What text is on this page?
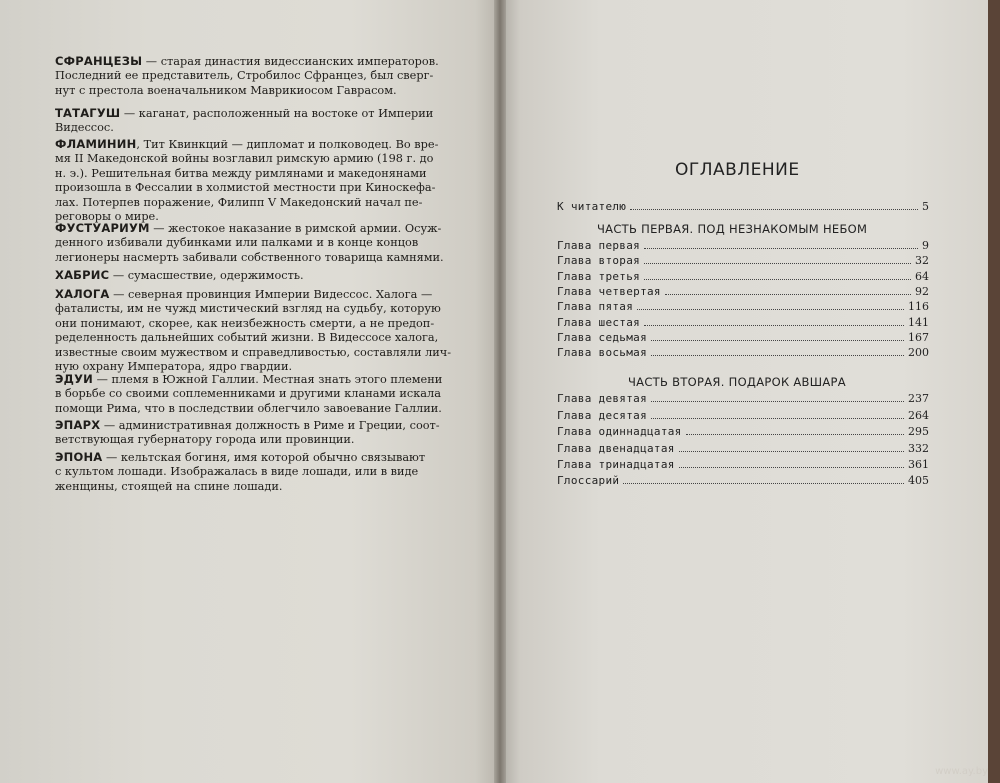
СФРАНЦЕЗЫ — старая династия видессианских императоров.
Последний ее представитель, Стробилос Сфранцез, был сверг-
нут с престола военачальником Маврикиосом Гаврасом.
ТАТАГУШ — каганат, расположенный на востоке от Империи
Видессос.
ФЛАМИНИН, Тит Квинкций — дипломат и полководец. Во вре-
мя II Македонской войны возглавил римскую армию (198 г. до
н. э.). Решительная битва между римлянами и македонянами
произошла в Фессалии в холмистой местности при Киноскефа-
лах. Потерпев поражение, Филипп V Македонский начал пе-
реговоры о мире.
ФУСТУАРИУМ — жестокое наказание в римской армии. Осуж-
денного избивали дубинками или палками и в конце концов
легионеры насмерть забивали собственного товарища камнями.
ХАБРИС — сумасшествие, одержимость.
ХАЛОГА — северная провинция Империи Видессос. Халога —
фаталисты, им не чужд мистический взгляд на судьбу, которую
они понимают, скорее, как неизбежность смерти, а не предоп-
ределенность дальнейших событий жизни. В Видессосе халога,
известные своим мужеством и справедливостью, составляли лич-
ную охрану Императора, ядро гвардии.
ЭДУИ — племя в Южной Галлии. Местная знать этого племени
в борьбе со своими соплеменниками и другими кланами искала
помощи Рима, что в последствии облегчило завоевание Галлии.
ЭПАРХ — административная должность в Риме и Греции, соот-
ветствующая губернатору города или провинции.
ЭПОНА — кельтская богиня, имя которой обычно связывают
с культом лошади. Изображалась в виде лошади, или в виде
женщины, стоящей на спине лошади.
ОГЛАВЛЕНИЕ
К читателю	5
ЧАСТЬ ПЕРВАЯ. ПОД НЕЗНАКОМЫМ НЕБОМ
Глава первая	9
Глава вторая	32
Глава третья	64
Глава четвертая	92
Глава пятая	116
Глава шестая	141
Глава седьмая	167
Глава восьмая	200
ЧАСТЬ ВТОРАЯ. ПОДАРОК АВШАРА
Глава девятая	237
Глава десятая	264
Глава одиннадцатая	295
Глава двенадцатая	332
Глава тринадцатая	361
Глоссарий	405
www.ay.by
